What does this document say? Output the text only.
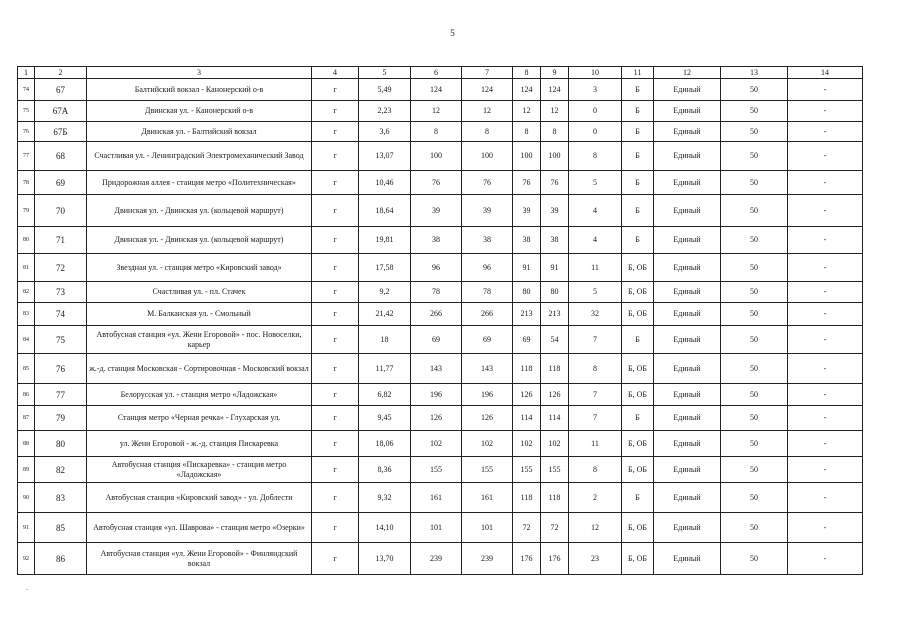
5
1	2	3	4	5	6	7	8	9	10	11	12	13	14
74	67	Балтийский вокзал - Канонерский о-в	г	5,49	124	124	124	124	3	Б	Единый	50	-
75	67А	Двинская ул. - Канонерский о-в	г	2,23	12	12	12	12	0	Б	Единый	50	-
76	67Б	Двинская ул. - Балтийский вокзал	г	3,6	8	8	8	8	0	Б	Единый	50	-
77	68	Счастливая ул. - Ленинградский Электромеханический Завод	г	13,07	100	100	100	100	8	Б	Единый	50	-
78	69	Придорожная аллея - станция метро «Политехническая»	г	10,46	76	76	76	76	5	Б	Единый	50	-
79	70	Двинская ул. - Двинская ул. (кольцевой маршрут)	г	18,64	39	39	39	39	4	Б	Единый	50	-
80	71	Двинская ул. - Двинская ул. (кольцевой маршрут)	г	19,81	38	38	38	38	4	Б	Единый	50	-
81	72	Звездная ул. - станция метро «Кировский завод»	г	17,58	96	96	91	91	11	Б, ОБ	Единый	50	-
82	73	Счастливая ул. - пл. Стачек	г	9,2	78	78	80	80	5	Б, ОБ	Единый	50	-
83	74	М. Балканская ул. - Смольный	г	21,42	266	266	213	213	32	Б, ОБ	Единый	50	-
84	75	Автобусная станция «ул. Жени Егоровой» - пос. Новоселки, карьер	г	18	69	69	69	54	7	Б	Единый	50	-
85	76	ж.-д. станция Московская - Сортировочная - Московский вокзал	г	11,77	143	143	118	118	8	Б, ОБ	Единый	50	-
86	77	Белорусская ул. - станция метро «Ладожская»	г	6,82	196	196	126	126	7	Б, ОБ	Единый	50	-
87	79	Станция метро «Черная речка» - Глухарская ул.	г	9,45	126	126	114	114	7	Б	Единый	50	-
88	80	ул. Жени Егоровой - ж.-д. станция Пискаревка	г	18,06	102	102	102	102	11	Б, ОБ	Единый	50	-
89	82	Автобусная станция «Пискаревка» - станция метро «Ладожская»	г	8,36	155	155	155	155	8	Б, ОБ	Единый	50	-
90	83	Автобусная станция «Кировский завод» - ул. Доблести	г	9,32	161	161	118	118	2	Б	Единый	50	-
91	85	Автобусная станция «ул. Шаврова» - станция метро «Озерки»	г	14,10	101	101	72	72	12	Б, ОБ	Единый	50	-
92	86	Автобусная станция «ул. Жени Егоровой» - Финляндский вокзал	г	13,70	239	239	176	176	23	Б, ОБ	Единый	50	-
`
